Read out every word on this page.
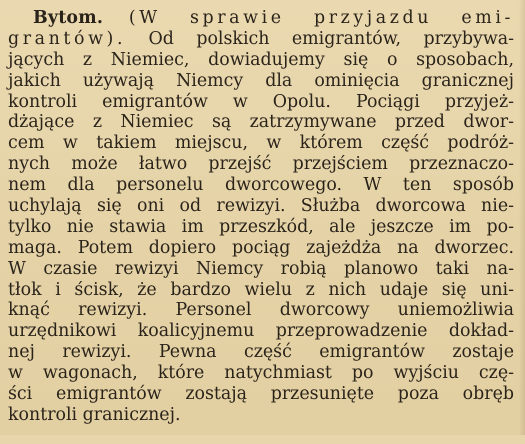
Bytom. (W sprawie przyjazdu emi-
grantów). Od polskich emigrantów, przybywa-
jących z Niemiec, dowiadujemy się o sposobach,
jakich używają Niemcy dla ominięcia granicznej
kontroli emigrantów w Opolu. Pociągi przyjeż-
dżające z Niemiec są zatrzymywane przed dwor-
cem w takiem miejscu, w którem część podróż-
nych może łatwo przejść przejściem przeznaczo-
nem dla personelu dworcowego. W ten sposób
uchylają się oni od rewizyi. Służba dworcowa nie-
tylko nie stawia im przeszkód, ale jeszcze im po-
maga. Potem dopiero pociąg zajeżdża na dworzec.
W czasie rewizyi Niemcy robią planowo taki na-
tłok i ścisk, że bardzo wielu z nich udaje się uni-
knąć rewizyi. Personel dworcowy uniemożliwia
urzędnikowi koalicyjnemu przeprowadzenie dokład-
nej rewizyi. Pewna część emigrantów zostaje
w wagonach, które natychmiast po wyjściu czę-
ści emigrantów zostają przesunięte poza obręb
kontroli granicznej.
